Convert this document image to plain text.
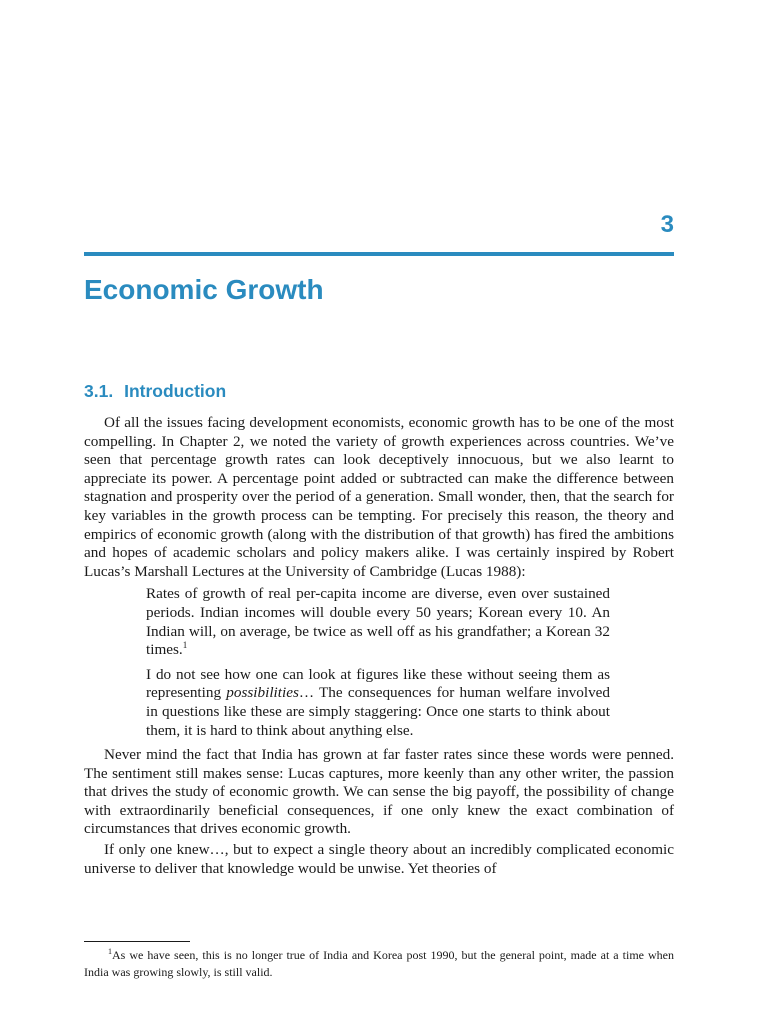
3
Economic Growth
3.1. Introduction

Of all the issues facing development economists, economic growth has to be one of the most compelling. In Chapter 2, we noted the variety of growth experiences across countries. We’ve seen that percentage growth rates can look deceptively innocuous, but we also learnt to appreciate its power. A percentage point added or subtracted can make the difference between stagnation and prosperity over the period of a generation. Small wonder, then, that the search for key variables in the growth process can be tempting. For precisely this reason, the theory and empirics of economic growth (along with the distribution of that growth) has fired the ambitions and hopes of academic scholars and policy makers alike. I was certainly inspired by Robert Lucas’s Marshall Lectures at the University of Cambridge (Lucas 1988):

Rates of growth of real per-capita income are diverse, even over sustained periods. Indian incomes will double every 50 years; Korean every 10. An Indian will, on average, be twice as well off as his grandfather; a Korean 32 times.$^1$

I do not see how one can look at figures like these without seeing them as representing possibilities… The consequences for human welfare involved in questions like these are simply staggering: Once one starts to think about them, it is hard to think about anything else.

Never mind the fact that India has grown at far faster rates since these words were penned. The sentiment still makes sense: Lucas captures, more keenly than any other writer, the passion that drives the study of economic growth. We can sense the big payoff, the possibility of change with extraordinarily beneficial consequences, if one only knew the exact combination of circumstances that drives economic growth.

If only one knew…, but to expect a single theory about an incredibly complicated economic universe to deliver that knowledge would be unwise. Yet theories of

$^1$As we have seen, this is no longer true of India and Korea post 1990, but the general point, made at a time when India was growing slowly, is still valid.
